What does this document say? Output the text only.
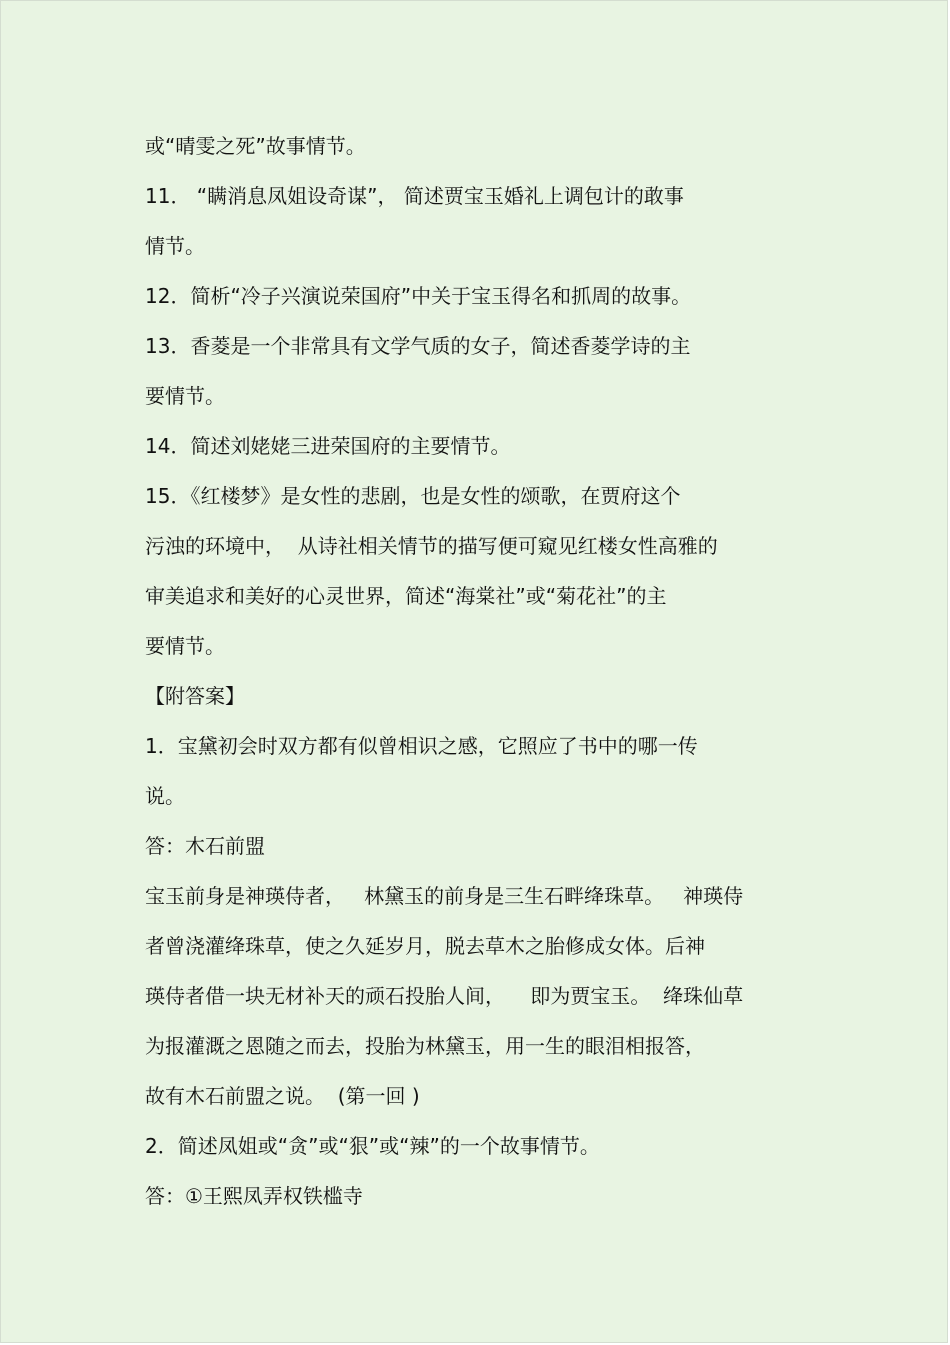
或“晴雯之死”故事情节。
11． “瞒消息凤姐设奇谋”， 简述贾宝玉婚礼上调包计的敢事
情节。
12．简析“冷子兴演说荣国府”中关于宝玉得名和抓周的故事。
13．香菱是一个非常具有文学气质的女子，简述香菱学诗的主
要情节。
14．简述刘姥姥三进荣国府的主要情节。
15．《红楼梦》是女性的悲剧，也是女性的颂歌，在贾府这个
污浊的环境中，  从诗社相关情节的描写便可窥见红楼女性高雅的
审美追求和美好的心灵世界，简述“海棠社”或“菊花社”的主
要情节。
【附答案】
1．宝黛初会时双方都有似曾相识之感，它照应了书中的哪一传
说。
答：木石前盟
宝玉前身是神瑛侍者，   林黛玉的前身是三生石畔绛珠草。   神瑛侍
者曾浇灌绛珠草，使之久延岁月，脱去草木之胎修成女体。后神
瑛侍者借一块无材补天的顽石投胎人间，    即为贾宝玉。  绛珠仙草
为报灌溉之恩随之而去，投胎为林黛玉，用一生的眼泪相报答，
故有木石前盟之说。  (第一回 )
2．简述凤姐或“贪”或“狠”或“辣”的一个故事情节。
答：①王熙凤弄权铁槛寺
